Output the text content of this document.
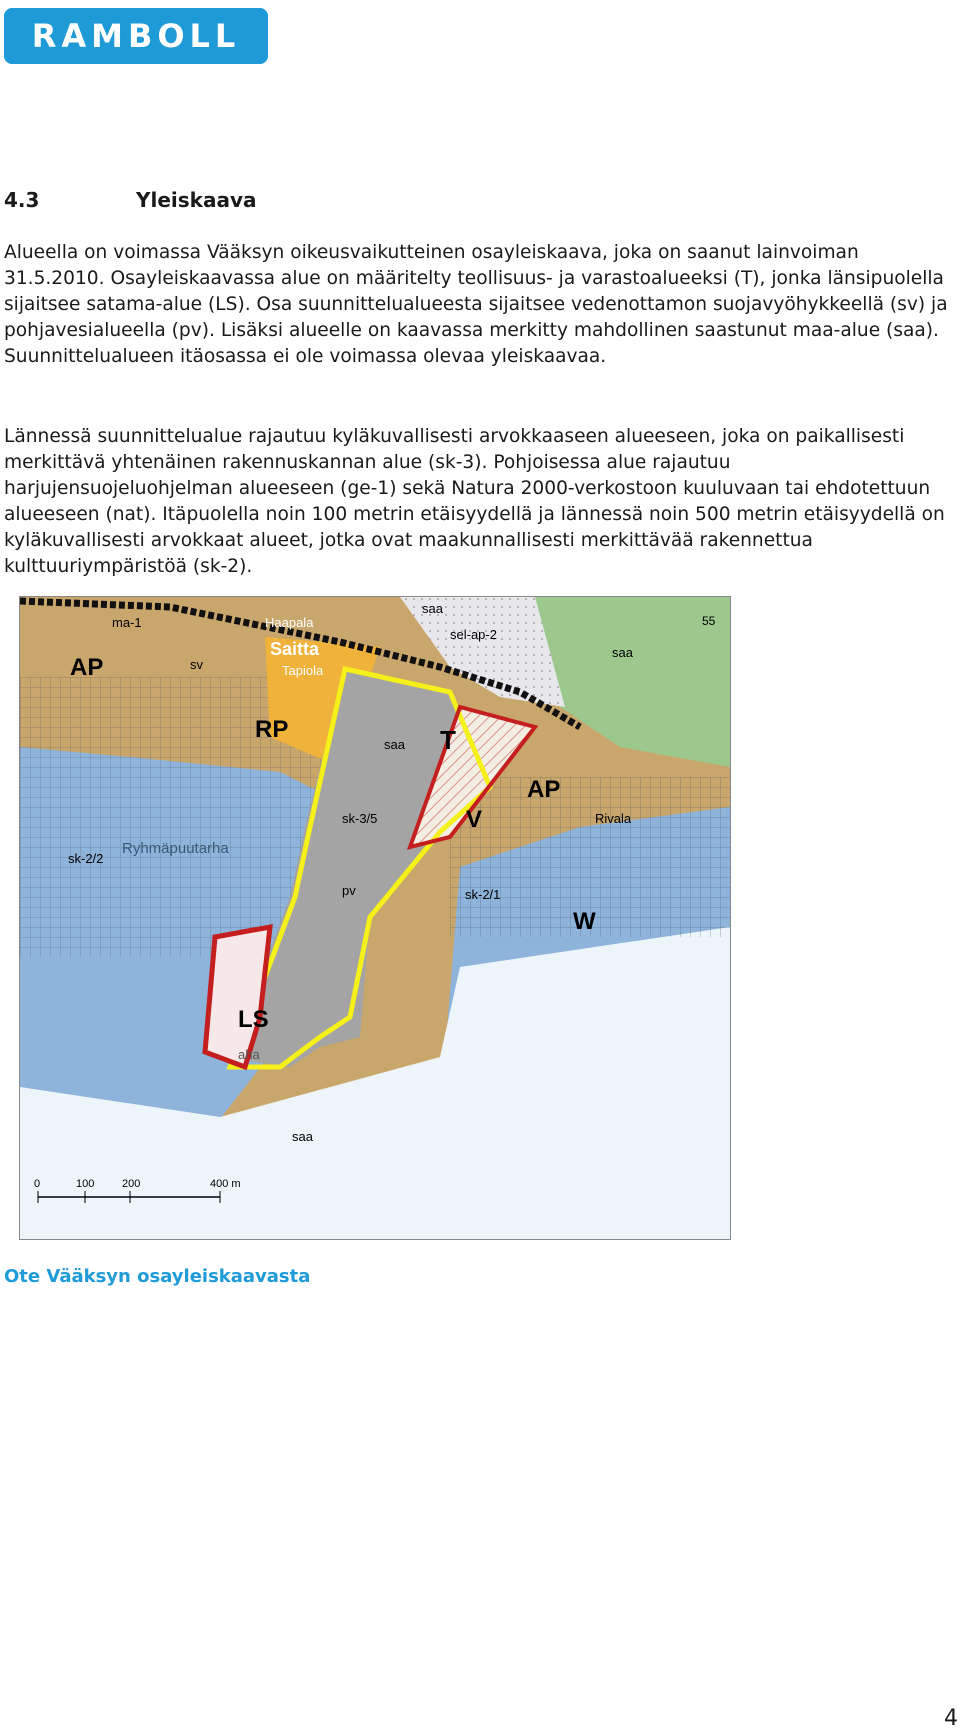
RAMBOLL
4.3	Yleiskaava

Alueella on voimassa Vääksyn oikeusvaikutteinen osayleiskaava, joka on saanut lainvoiman 31.5.2010. Osayleiskaavassa alue on määritelty teollisuus- ja varastoalueeksi (T), jonka länsipuolella sijaitsee satama-alue (LS). Osa suunnittelualueesta sijaitsee vedenottamon suojavyöhykkeellä (sv) ja pohjavesialueella (pv). Lisäksi alueelle on kaavassa merkitty mahdollinen saastunut maa-alue (saa). Suunnittelualueen itäosassa ei ole voimassa olevaa yleiskaavaa.

Lännessä suunnittelualue rajautuu kyläkuvallisesti arvokkaaseen alueeseen, joka on paikallisesti merkittävä yhtenäinen rakennuskannan alue (sk-3). Pohjoisessa alue rajautuu harjujensuojeluohjelman alueeseen (ge-1) sekä Natura 2000-verkostoon kuuluvaan tai ehdotettuun alueeseen (nat). Itäpuolella noin 100 metrin etäisyydellä ja lännessä noin 500 metrin etäisyydellä on kyläkuvallisesti arvokkaat alueet, jotka ovat maakunnallisesti merkittävää rakennettua kulttuuriympäristöä (sk-2).

ma-1
AP	sv
Haapala
Saitta
Tapiola
RP
saa
sel-ap-2
saa
55
saa T
V
AP
Rivala
sk-3/5
Ryhmäpuutarha
sk-2/2
pv	sk-2/1
W
LS
aha
saa
0	100	200	400 m
Ote Vääksyn osayleiskaavasta
4
